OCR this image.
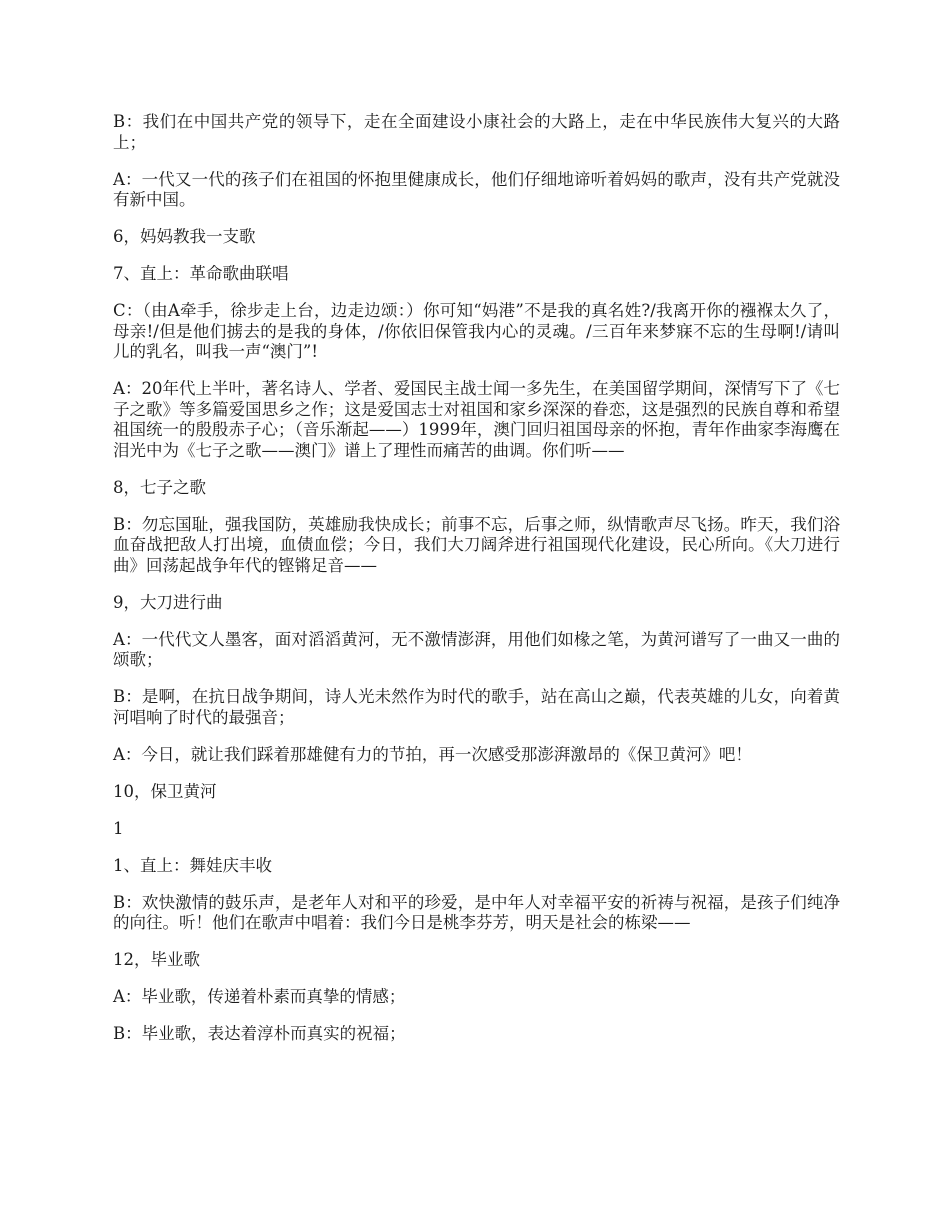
B：我们在中国共产党的领导下，走在全面建设小康社会的大路上，走在中华民族伟大复兴的大路上；

A：一代又一代的孩子们在祖国的怀抱里健康成长，他们仔细地谛听着妈妈的歌声，没有共产党就没有新中国。

6，妈妈教我一支歌

7、直上：革命歌曲联唱

C：（由A牵手，徐步走上台，边走边颂：）你可知“妈港”不是我的真名姓?/我离开你的襁褓太久了，母亲!/但是他们掳去的是我的身体，/你依旧保管我内心的灵魂。/三百年来梦寐不忘的生母啊!/请叫儿的乳名，叫我一声“澳门”!

A：20年代上半叶，著名诗人、学者、爱国民主战士闻一多先生，在美国留学期间，深情写下了《七子之歌》等多篇爱国思乡之作；这是爱国志士对祖国和家乡深深的眷恋，这是强烈的民族自尊和希望祖国统一的殷殷赤子心；（音乐渐起——）1999年，澳门回归祖国母亲的怀抱，青年作曲家李海鹰在泪光中为《七子之歌——澳门》谱上了理性而痛苦的曲调。你们听——

8，七子之歌

B：勿忘国耻，强我国防，英雄励我快成长；前事不忘，后事之师，纵情歌声尽飞扬。昨天，我们浴血奋战把敌人打出境，血债血偿；今日，我们大刀阔斧进行祖国现代化建设，民心所向。《大刀进行曲》回荡起战争年代的铿锵足音——

9，大刀进行曲

A：一代代文人墨客，面对滔滔黄河，无不激情澎湃，用他们如椽之笔，为黄河谱写了一曲又一曲的颂歌；

B：是啊，在抗日战争期间，诗人光未然作为时代的歌手，站在高山之巅，代表英雄的儿女，向着黄河唱响了时代的最强音；

A：今日，就让我们踩着那雄健有力的节拍，再一次感受那澎湃激昂的《保卫黄河》吧！

10，保卫黄河

1

1、直上：舞娃庆丰收

B：欢快激情的鼓乐声，是老年人对和平的珍爱，是中年人对幸福平安的祈祷与祝福，是孩子们纯净的向往。听！他们在歌声中唱着：我们今日是桃李芬芳，明天是社会的栋梁——

12，毕业歌

A：毕业歌，传递着朴素而真挚的情感；

B：毕业歌，表达着淳朴而真实的祝福；
